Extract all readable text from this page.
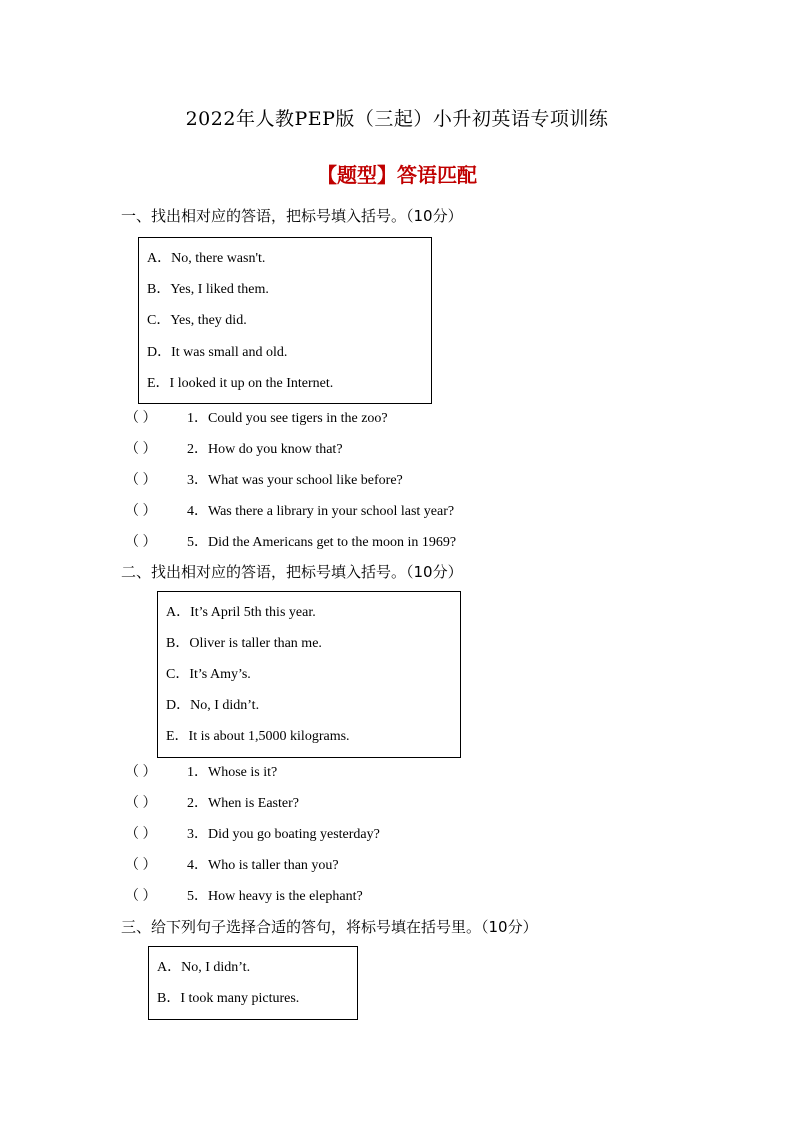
2022年人教PEP版（三起）小升初英语专项训练
【题型】答语匹配
一、找出相对应的答语，把标号填入括号。（10分）
A．No, there wasn't.
B．Yes, I liked them.
C．Yes, they did.
D．It was small and old.
E．I looked it up on the Internet.
（ ） 1．Could you see tigers in the zoo?
（ ） 2．How do you know that?
（ ） 3．What was your school like before?
（ ） 4．Was there a library in your school last year?
（ ） 5．Did the Americans get to the moon in 1969?
二、找出相对应的答语，把标号填入括号。（10分）
A．It’s April 5th this year.
B．Oliver is taller than me.
C．It’s Amy’s.
D．No, I didn’t.
E．It is about 1,5000 kilograms.
（ ） 1．Whose is it?
（ ） 2．When is Easter?
（ ） 3．Did you go boating yesterday?
（ ） 4．Who is taller than you?
（ ） 5．How heavy is the elephant?
三、给下列句子选择合适的答句，将标号填在括号里。（10分）
A．No, I didn’t.
B．I took many pictures.
